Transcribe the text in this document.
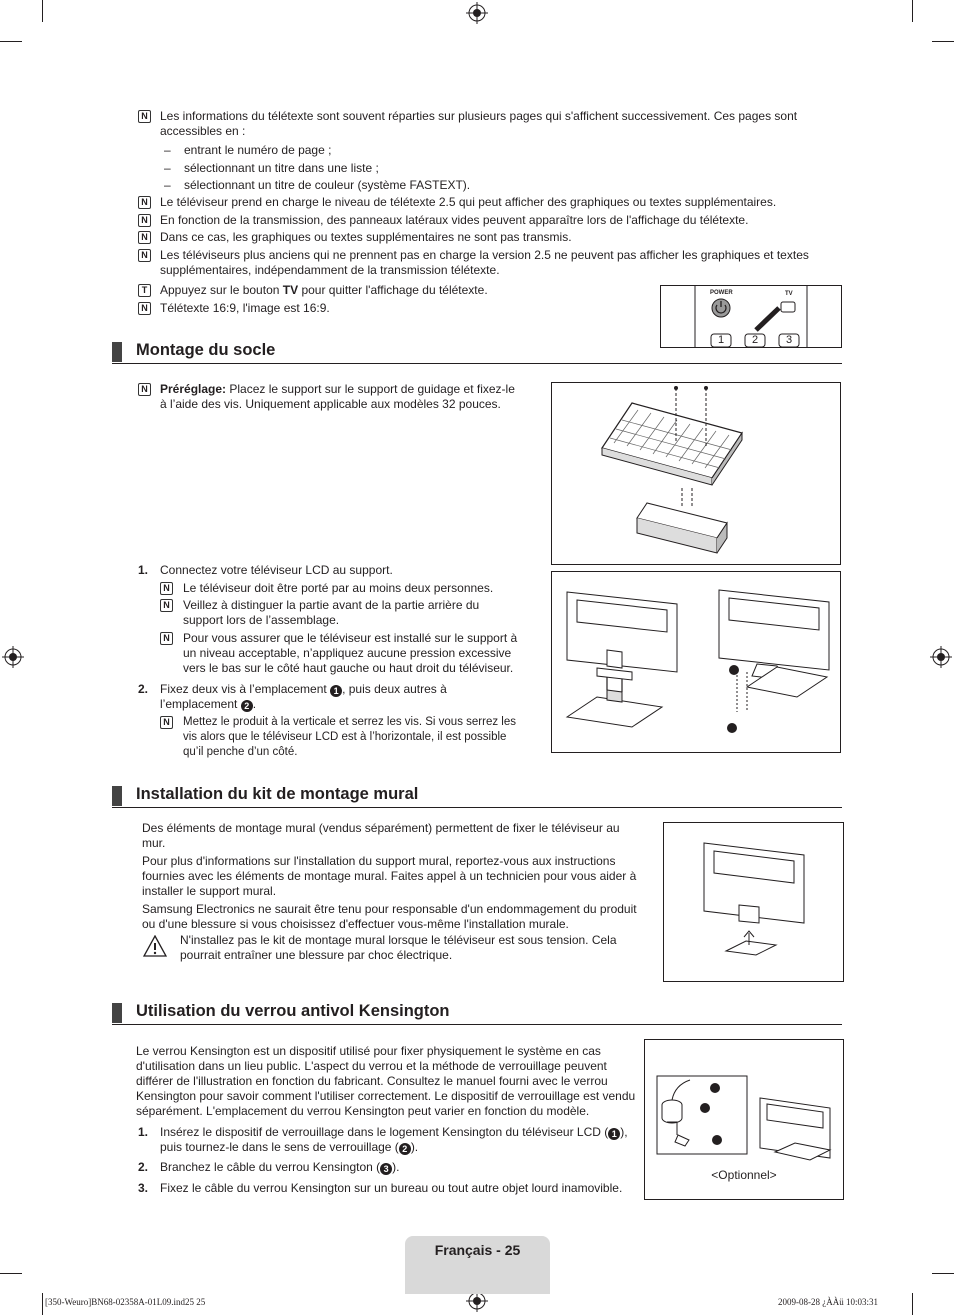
N Les informations du télétexte sont souvent réparties sur plusieurs pages qui s'affichent successivement. Ces pages sont accessibles en :
– entrant le numéro de page ;
– sélectionnant un titre dans une liste ;
– sélectionnant un titre de couleur (système FASTEXT).
N Le téléviseur prend en charge le niveau de télétexte 2.5 qui peut afficher des graphiques ou textes supplémentaires.
N En fonction de la transmission, des panneaux latéraux vides peuvent apparaître lors de l'affichage du télétexte.
N Dans ce cas, les graphiques ou textes supplémentaires ne sont pas transmis.
N Les téléviseurs plus anciens qui ne prennent pas en charge la version 2.5 ne peuvent pas afficher les graphiques et textes supplémentaires, indépendamment de la transmission télétexte.
T	Appuyez sur le bouton TV pour quitter l'affichage du télétexte.
N Télétexte 16:9, l'image est 16:9.
POWER	TV
1	2	3
Montage du socle
N Préréglage: Placez le support sur le support de guidage et fixez-le à l’aide des vis. Uniquement applicable aux modèles 32 pouces.
1. Connectez votre téléviseur LCD au support.
N Le téléviseur doit être porté par au moins deux personnes.
N Veillez à distinguer la partie avant de la partie arrière du support lors de l’assemblage.
N Pour vous assurer que le téléviseur est installé sur le support à un niveau acceptable, n’appliquez aucune pression excessive vers le bas sur le côté haut gauche ou haut droit du téléviseur.
2. Fixez deux vis à l’emplacement 1 , puis deux autres à l’emplacement 2 .
N Mettez le produit à la verticale et serrez les vis. Si vous serrez les vis alors que le téléviseur LCD est à l’horizontale, il est possible qu’il penche d’un côté.
Installation du kit de montage mural
Des éléments de montage mural (vendus séparément) permettent de fixer le téléviseur au mur.
Pour plus d'informations sur l'installation du support mural, reportez-vous aux instructions fournies avec les éléments de montage mural. Faites appel à un technicien pour vous aider à installer le support mural.
Samsung Electronics ne saurait être tenu pour responsable d'un endommagement du produit ou d'une blessure si vous choisissez d'effectuer vous-même l'installation murale.
N'installez pas le kit de montage mural lorsque le téléviseur est sous tension. Cela pourrait entraîner une blessure par choc électrique.
Utilisation du verrou antivol Kensington
Le verrou Kensington est un dispositif utilisé pour fixer physiquement le système en cas d'utilisation dans un lieu public. L'aspect du verrou et la méthode de verrouillage peuvent différer de l'illustration en fonction du fabricant. Consultez le manuel fourni avec le verrou Kensington pour savoir comment l'utiliser correctement. Le dispositif de verrouillage est vendu séparément. L'emplacement du verrou Kensington peut varier en fonction du modèle.
1. Insérez le dispositif de verrouillage dans le logement Kensington du téléviseur LCD ( 1 ), puis tournez-le dans le sens de verrouillage ( 2 ).
2. Branchez le câble du verrou Kensington ( 3 ).
3. Fixez le câble du verrou Kensington sur un bureau ou tout autre objet lourd inamovible.
<Optionnel>
Français - 25
[350-Weuro]BN68-02358A-01L09.ind25 25	2009-08-28 ¿ÀÀü 10:03:31
